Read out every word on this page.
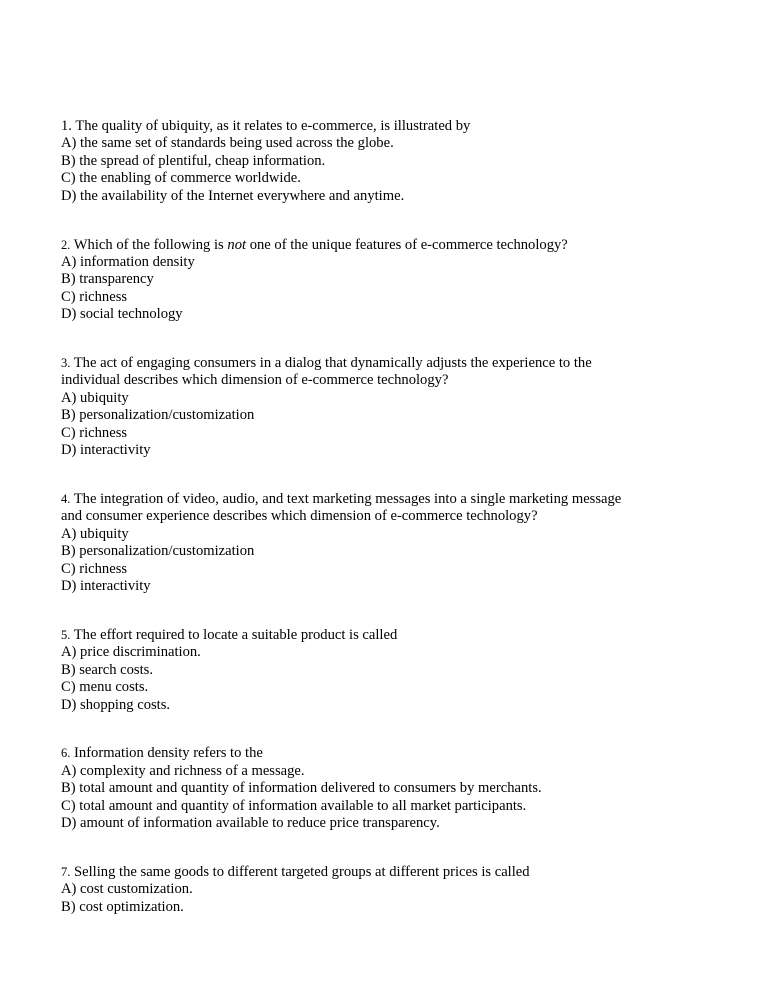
1. The quality of ubiquity, as it relates to e-commerce, is illustrated by
A) the same set of standards being used across the globe.
B) the spread of plentiful, cheap information.
C) the enabling of commerce worldwide.
D) the availability of the Internet everywhere and anytime.
2. Which of the following is not one of the unique features of e-commerce technology?
A) information density
B) transparency
C) richness
D) social technology
3. The act of engaging consumers in a dialog that dynamically adjusts the experience to the
individual describes which dimension of e-commerce technology?
A) ubiquity
B) personalization/customization
C) richness
D) interactivity
4. The integration of video, audio, and text marketing messages into a single marketing message
and consumer experience describes which dimension of e-commerce technology?
A) ubiquity
B) personalization/customization
C) richness
D) interactivity
5. The effort required to locate a suitable product is called
A) price discrimination.
B) search costs.
C) menu costs.
D) shopping costs.
6. Information density refers to the
A) complexity and richness of a message.
B) total amount and quantity of information delivered to consumers by merchants.
C) total amount and quantity of information available to all market participants.
D) amount of information available to reduce price transparency.
7. Selling the same goods to different targeted groups at different prices is called
A) cost customization.
B) cost optimization.
